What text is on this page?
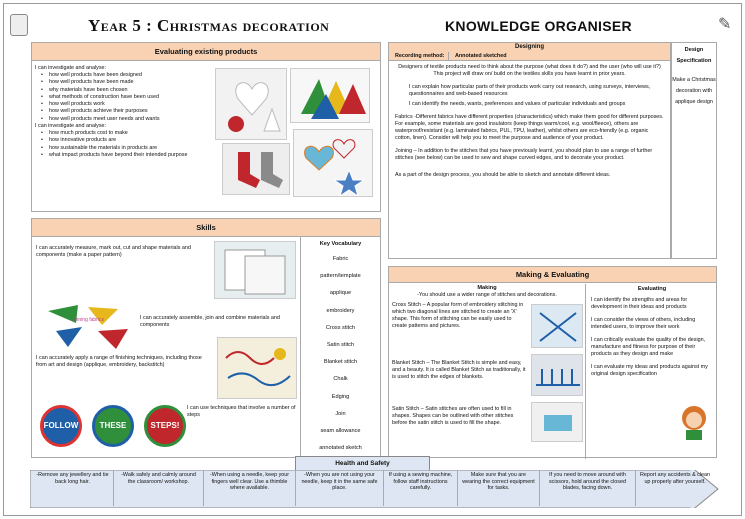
✎
Year 5 : Christmas decoration	KNOWLEDGE ORGANISER
Evaluating existing products
I can investigate and analyse:
• how well products have been designed
• how well products have been made
• why materials have been chosen
• what methods of construction have been used
• how well products work
• how well products achieve their purposes
• how well products meet user needs and wants
I can investigate and analyse:
• how much products cost to make
• how innovative products are
• how sustainable the materials in products are
• what impact products have beyond their intended purpose
Designing
Recording method:	Annotated sketched
Designers of textile products need to think about the purpose (what does it do?) and the user (who will use it?)
This project will draw on/ build on the textiles skills you have learnt in prior years.
I can explain how particular parts of their products work carry out research, using surveys, interviews, questionnaires and web-based resources
I can identify the needs, wants, preferences and values of particular individuals and groups
Fabrics -Different fabrics have different properties (characteristics) which make them good for different purposes. For example, some materials are good insulators (keep things warm/cool, e.g. wool/fleece), others are waterproof/resistant (e.g. laminated fabrics, PUL, TPU, leather), whilst others are eco-friendly (e.g. organic cotton, linen). Consider will help you to meet the purpose and audience of your product.
Joining – In addition to the stitches that you have previously learnt, you should plan to use a range of further stitches (see below) can be used to sew and shape curved edges, and to decorate your product.
As a part of the design process, you should be able to sketch and annotate different ideas.
Design Specification
Make a Christmas decoration with applique design
Skills
I can accurately measure, mark out, cut and shape materials and components (make a paper pattern)
Joining fabrics	I can accurately assemble, join and combine materials and components
I can accurately apply a range of finishing techniques, including those from art and design (applique, embroidery, backstitch)
FOLLOW	THESE	STEPS!
I can use techniques that involve a number of steps
Key Vocabulary
Fabric
pattern/template
applique
embroidery
Cross stitch
Satin stitch
Blanket stitch
Chalk
Edging
Join
seam allowance
annotated sketch
Making & Evaluating
Making
-You should use a wider range of stitches and decorations.
Cross Stitch – A popular form of embroidery stitching in which two diagonal lines are stitched to create an 'X' shape. This form of stitching can be easily used to create patterns and pictures.
Blanket Stitch – The Blanket Stitch is simple and easy, and a beauty. It is called Blanket Stitch as traditionally, it is used to stitch the edges of blankets.
Satin Stitch – Satin stitches are often used to fill in shapes. Shapes can be outlined with other stitches before the satin stitch is used to fill the shape.
Evaluating
I can identify the strengths and areas for development in their ideas and products
I can consider the views of others, including intended users, to improve their work
I can critically evaluate the quality of the design, manufacture and fitness for purpose of their products as they design and make
I can evaluate my ideas and products against my original design specification
Health and Safety
-Remove any jewellery and tie back long hair.
-Walk safely and calmly around the classroom/ workshop.
-When using a needle, keep your fingers well clear. Use a thimble where available.
-When you are not using your needle, keep it in the same safe place.
If using a sewing machine, follow staff instructions carefully.
Make sure that you are wearing the correct equipment for tasks.
If you need to move around with scissors, hold around the closed blades, facing down.
Report any accidents & clean up properly after yourself.
